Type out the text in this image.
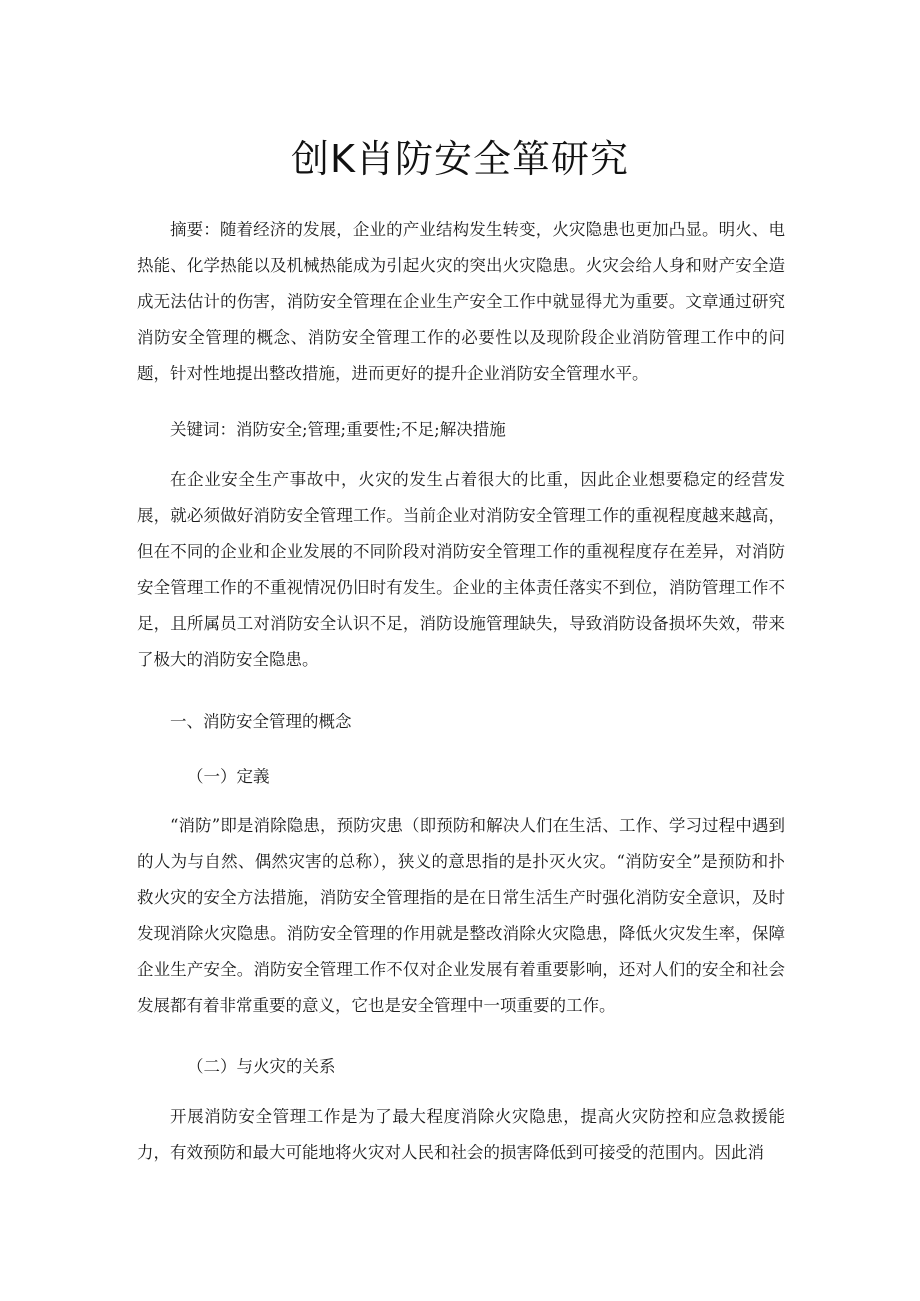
创K肖防安全箪研究

摘要：随着经济的发展，企业的产业结构发生转变，火灾隐患也更加凸显。明火、电热能、化学热能以及机械热能成为引起火灾的突出火灾隐患。火灾会给人身和财产安全造成无法估计的伤害，消防安全管理在企业生产安全工作中就显得尤为重要。文章通过研究消防安全管理的概念、消防安全管理工作的必要性以及现阶段企业消防管理工作中的问题，针对性地提出整改措施，进而更好的提升企业消防安全管理水平。

关键词：消防安全;管理;重要性;不足;解决措施

在企业安全生产事故中，火灾的发生占着很大的比重，因此企业想要稳定的经营发展，就必须做好消防安全管理工作。当前企业对消防安全管理工作的重视程度越来越高，但在不同的企业和企业发展的不同阶段对消防安全管理工作的重视程度存在差异，对消防安全管理工作的不重视情况仍旧时有发生。企业的主体责任落实不到位，消防管理工作不足，且所属员工对消防安全认识不足，消防设施管理缺失，导致消防设备损坏失效，带来了极大的消防安全隐患。

一、消防安全管理的概念
（一）定義

“消防”即是消除隐患，预防灾患（即预防和解决人们在生活、工作、学习过程中遇到的人为与自然、偶然灾害的总称），狭义的意思指的是扑灭火灾。“消防安全”是预防和扑救火灾的安全方法措施，消防安全管理指的是在日常生活生产时强化消防安全意识，及时发现消除火灾隐患。消防安全管理的作用就是整改消除火灾隐患，降低火灾发生率，保障企业生产安全。消防安全管理工作不仅对企业发展有着重要影响，还对人们的安全和社会发展都有着非常重要的意义，它也是安全管理中一项重要的工作。

（二）与火灾的关系

开展消防安全管理工作是为了最大程度消除火灾隐患，提高火灾防控和应急救援能力，有效预防和最大可能地将火灾对人民和社会的损害降低到可接受的范围内。因此消
